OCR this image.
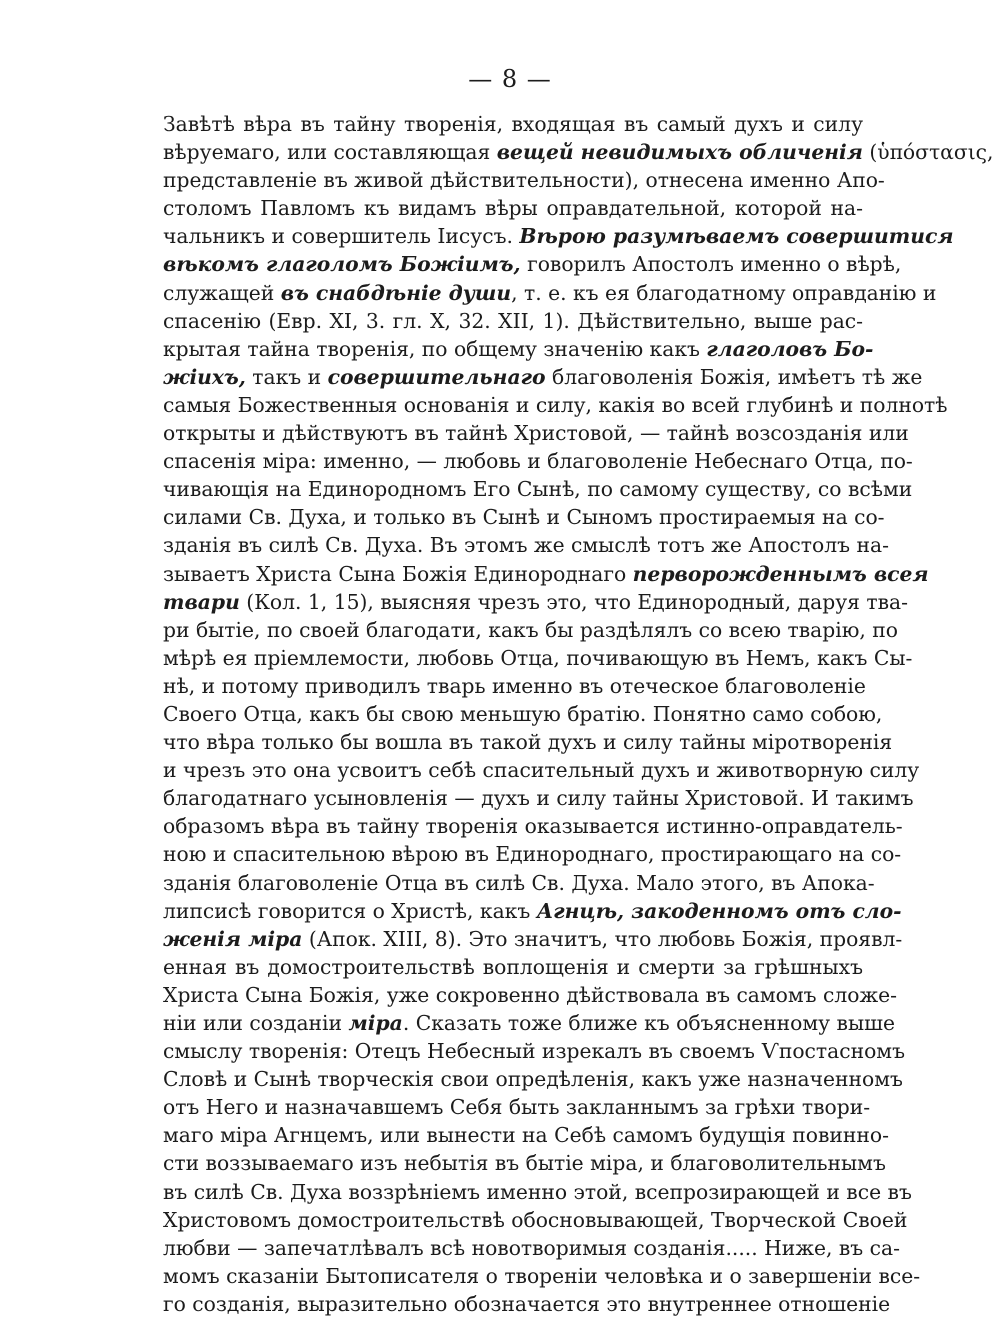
— 8 —
Завѣтѣ вѣра въ тайну творенія, входящая въ самый духъ и силу
вѣруемаго, или составляющая вещей невидимыхъ обличенія (ὑπόστασις,
представленіе въ живой дѣйствительности), отнесена именно Апо-
столомъ Павломъ къ видамъ вѣры оправдательной, которой на-
чальникъ и совершитель Іисусъ. Вѣрою разумѣваемъ совершитися
вѣкомъ глаголомъ Божіимъ, говорилъ Апостолъ именно о вѣрѣ,
служащей въ снабдѣніе души, т. е. къ ея благодатному оправданію и
спасенію (Евр. XI, 3. гл. X, 32. XII, 1). Дѣйствительно, выше рас-
крытая тайна творенія, по общему значенію какъ глаголовъ Бо-
жіихъ, такъ и совершительнаго благоволенія Божія, имѣетъ тѣ же
самыя Божественныя основанія и силу, какія во всей глубинѣ и полнотѣ
открыты и дѣйствуютъ въ тайнѣ Христовой, — тайнѣ возсозданія или
спасенія міра: именно, — любовь и благоволеніе Небеснаго Отца, по-
чивающія на Единородномъ Его Сынѣ, по самому существу, со всѣми
силами Св. Духа, и только въ Сынѣ и Сыномъ простираемыя на со-
зданія въ силѣ Св. Духа. Въ этомъ же смыслѣ тотъ же Апостолъ на-
зываетъ Христа Сына Божія Единороднаго перворожденнымъ всея
твари (Кол. 1, 15), выясняя чрезъ это, что Единородный, даруя тва-
ри бытіе, по своей благодати, какъ бы раздѣлялъ со всею тварію, по
мѣрѣ ея пріемлемости, любовь Отца, почивающую въ Немъ, какъ Сы-
нѣ, и потому приводилъ тварь именно въ отеческое благоволеніе
Своего Отца, какъ бы свою меньшую братію. Понятно само собою,
что вѣра только бы вошла въ такой духъ и силу тайны міротворенія
и чрезъ это она усвоитъ себѣ спасительный духъ и животворную силу
благодатнаго усыновленія — духъ и силу тайны Христовой. И такимъ
образомъ вѣра въ тайну творенія оказывается истинно-оправдатель-
ною и спасительною вѣрою въ Единороднаго, простирающаго на со-
зданія благоволеніе Отца въ силѣ Св. Духа. Мало этого, въ Апока-
липсисѣ говорится о Христѣ, какъ Агнцѣ, закоденномъ отъ сло-
женія міра (Апок. XIII, 8). Это значитъ, что любовь Божія, проявл-
енная въ домостроительствѣ воплощенія и смерти за грѣшныхъ
Христа Сына Божія, уже сокровенно дѣйствовала въ самомъ сложе-
ніи или созданіи міра. Сказать тоже ближе къ объясненному выше
смыслу творенія: Отецъ Небесный изрекалъ въ своемъ Ѵпостасномъ
Словѣ и Сынѣ творческія свои опредѣленія, какъ уже назначенномъ
отъ Него и назначавшемъ Себя быть закланнымъ за грѣхи твори-
маго міра Агнцемъ, или вынести на Себѣ самомъ будущія повинно-
сти воззываемаго изъ небытія въ бытіе міра, и благоволительнымъ
въ силѣ Св. Духа воззрѣніемъ именно этой, всепрозирающей и все въ
Христовомъ домостроительствѣ обосновывающей, Творческой Своей
любви — запечатлѣвалъ всѣ новотворимыя созданія..... Ниже, въ са-
момъ сказаніи Бытописателя о твореніи человѣка и о завершеніи все-
го созданія, выразительно обозначается это внутреннее отношеніе
